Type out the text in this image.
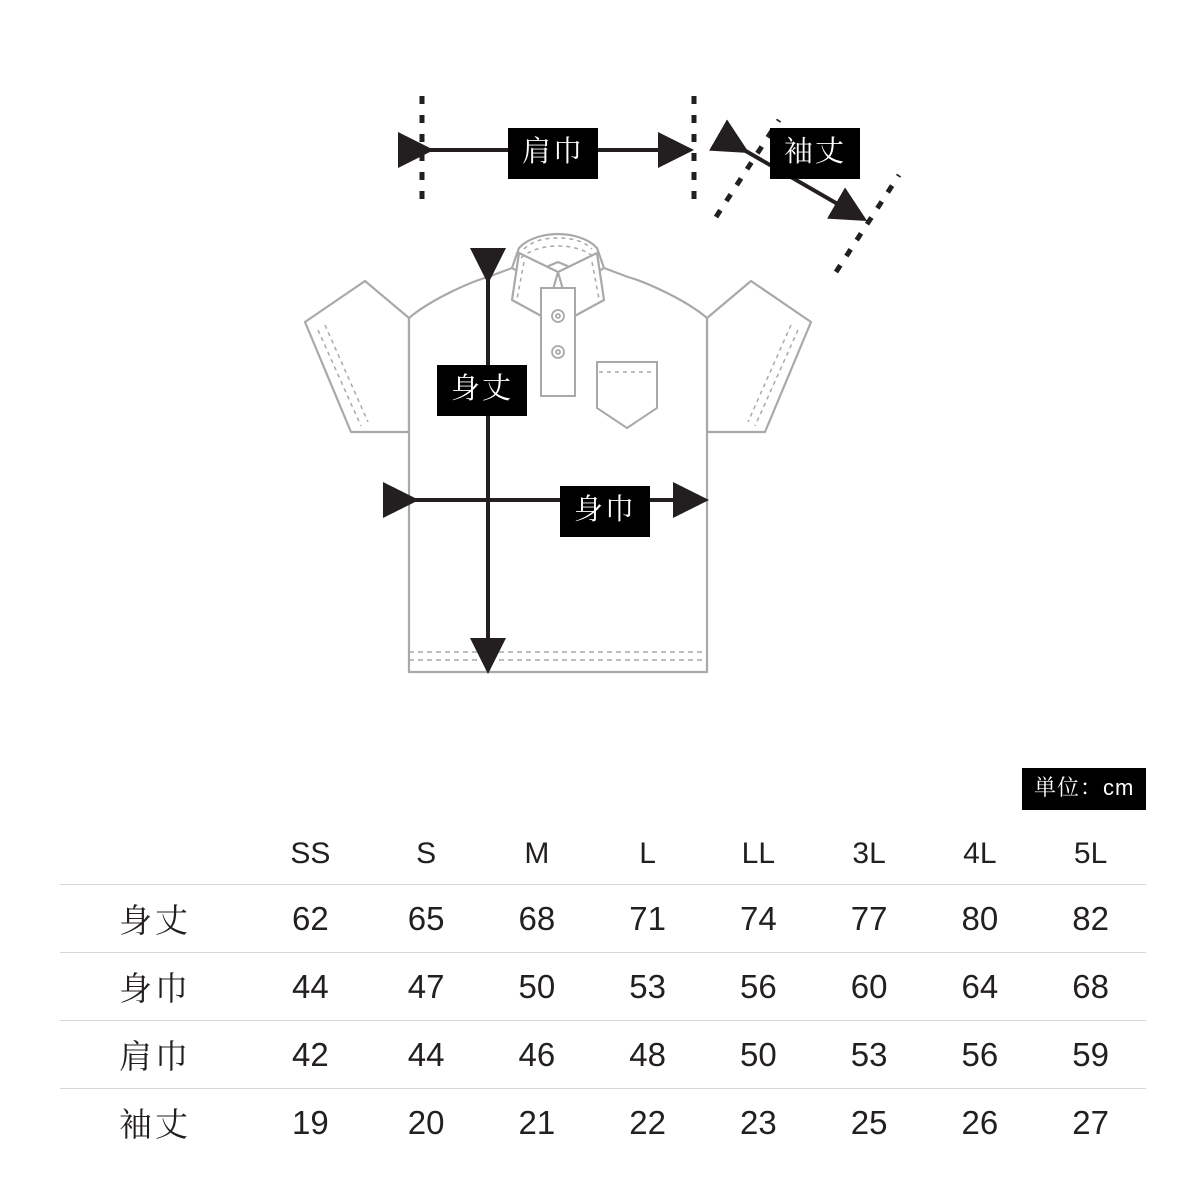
肩巾	袖丈
身丈
身巾
単位：cm
	SS	S	M	L	LL	3L	4L	5L
身丈	62	65	68	71	74	77	80	82
身巾	44	47	50	53	56	60	64	68
肩巾	42	44	46	48	50	53	56	59
袖丈	19	20	21	22	23	25	26	27
